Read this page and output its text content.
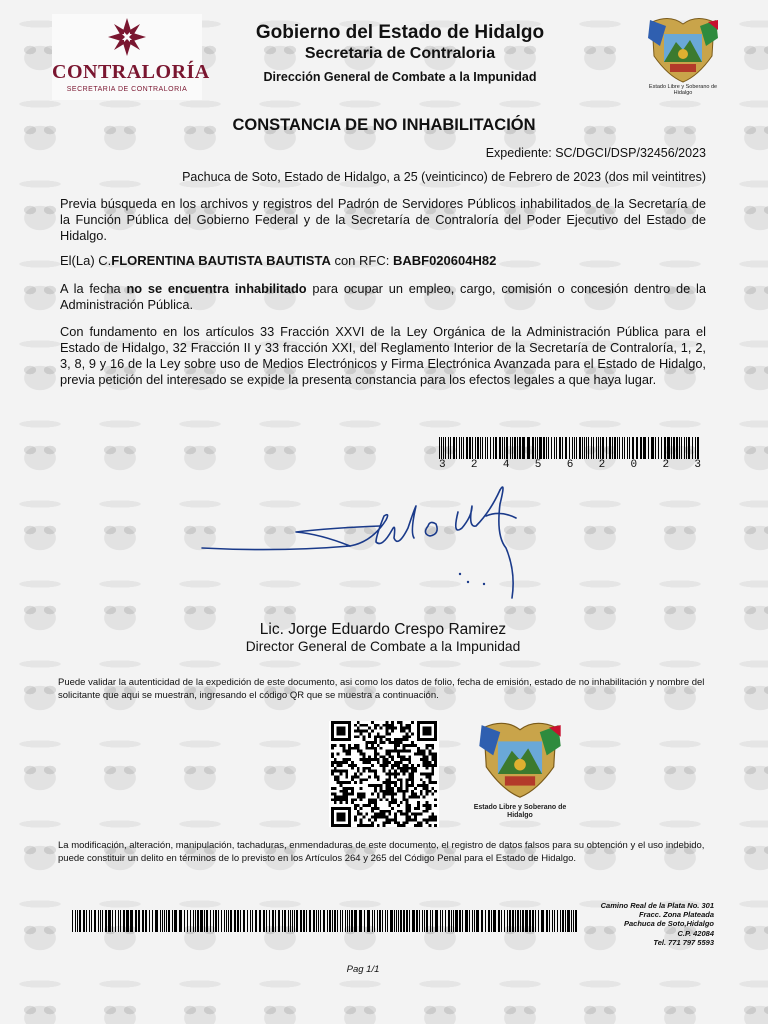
CONTRALORÍA
SECRETARIA DE CONTRALORIA
Gobierno del Estado de Hidalgo
Secretaria de Contraloria
Dirección General de Combate a la Impunidad
Estado Libre y Soberano de Hidalgo
CONSTANCIA DE NO INHABILITACIÓN
Expediente: SC/DGCI/DSP/32456/2023
Pachuca de Soto, Estado de Hidalgo, a 25 (veinticinco) de Febrero de 2023 (dos mil veintitres)
Previa búsqueda en los archivos y registros del Padrón de Servidores Públicos inhabilitados de la Secretaría de la Función Pública del Gobierno Federal y de la Secretaría de Contraloría del Poder Ejecutivo del Estado de Hidalgo.
El(La) C.FLORENTINA BAUTISTA BAUTISTA con RFC: BABF020604H82
A la fecha no se encuentra inhabilitado para ocupar un empleo, cargo, comisión o concesión dentro de la Administración Pública.
Con fundamento en los artículos 33 Fracción XXVI de la Ley Orgánica de la Administración Pública para el Estado de Hidalgo, 32 Fracción II y 33 fracción XXI, del Reglamento Interior de la Secretaría de Contraloría, 1, 2, 3, 8, 9 y 16 de la Ley sobre uso de Medios Electrónicos y Firma Electrónica Avanzada para el Estado de Hidalgo, previa petición del interesado se expide la presenta constancia para los efectos legales a que haya lugar.
3 2 4 5 6 2 0 2 3
Lic. Jorge Eduardo Crespo Ramirez
Director General de Combate a la Impunidad
Puede validar la autenticidad de la expedición de este documento, asi como los datos de folio, fecha de emisión, estado de no inhabilitación y nombre del solicitante que aqui se muestran, ingresando el código QR que se muestra a continuación.
Estado Libre y Soberano de Hidalgo
La modificación, alteración, manipulación, tachaduras, enmendaduras de este documento, el registro de datos falsos para su obtención y el uso indebido, puede constituir un delito en términos de lo previsto en los Artículos 264 y 265 del Código Penal para el Estado de Hidalgo.
Camino Real de la Plata No. 301
Fracc. Zona Plateada
Pachuca de Soto,Hidalgo
C.P. 42084
Tel. 771 797 5593
Pag 1/1
